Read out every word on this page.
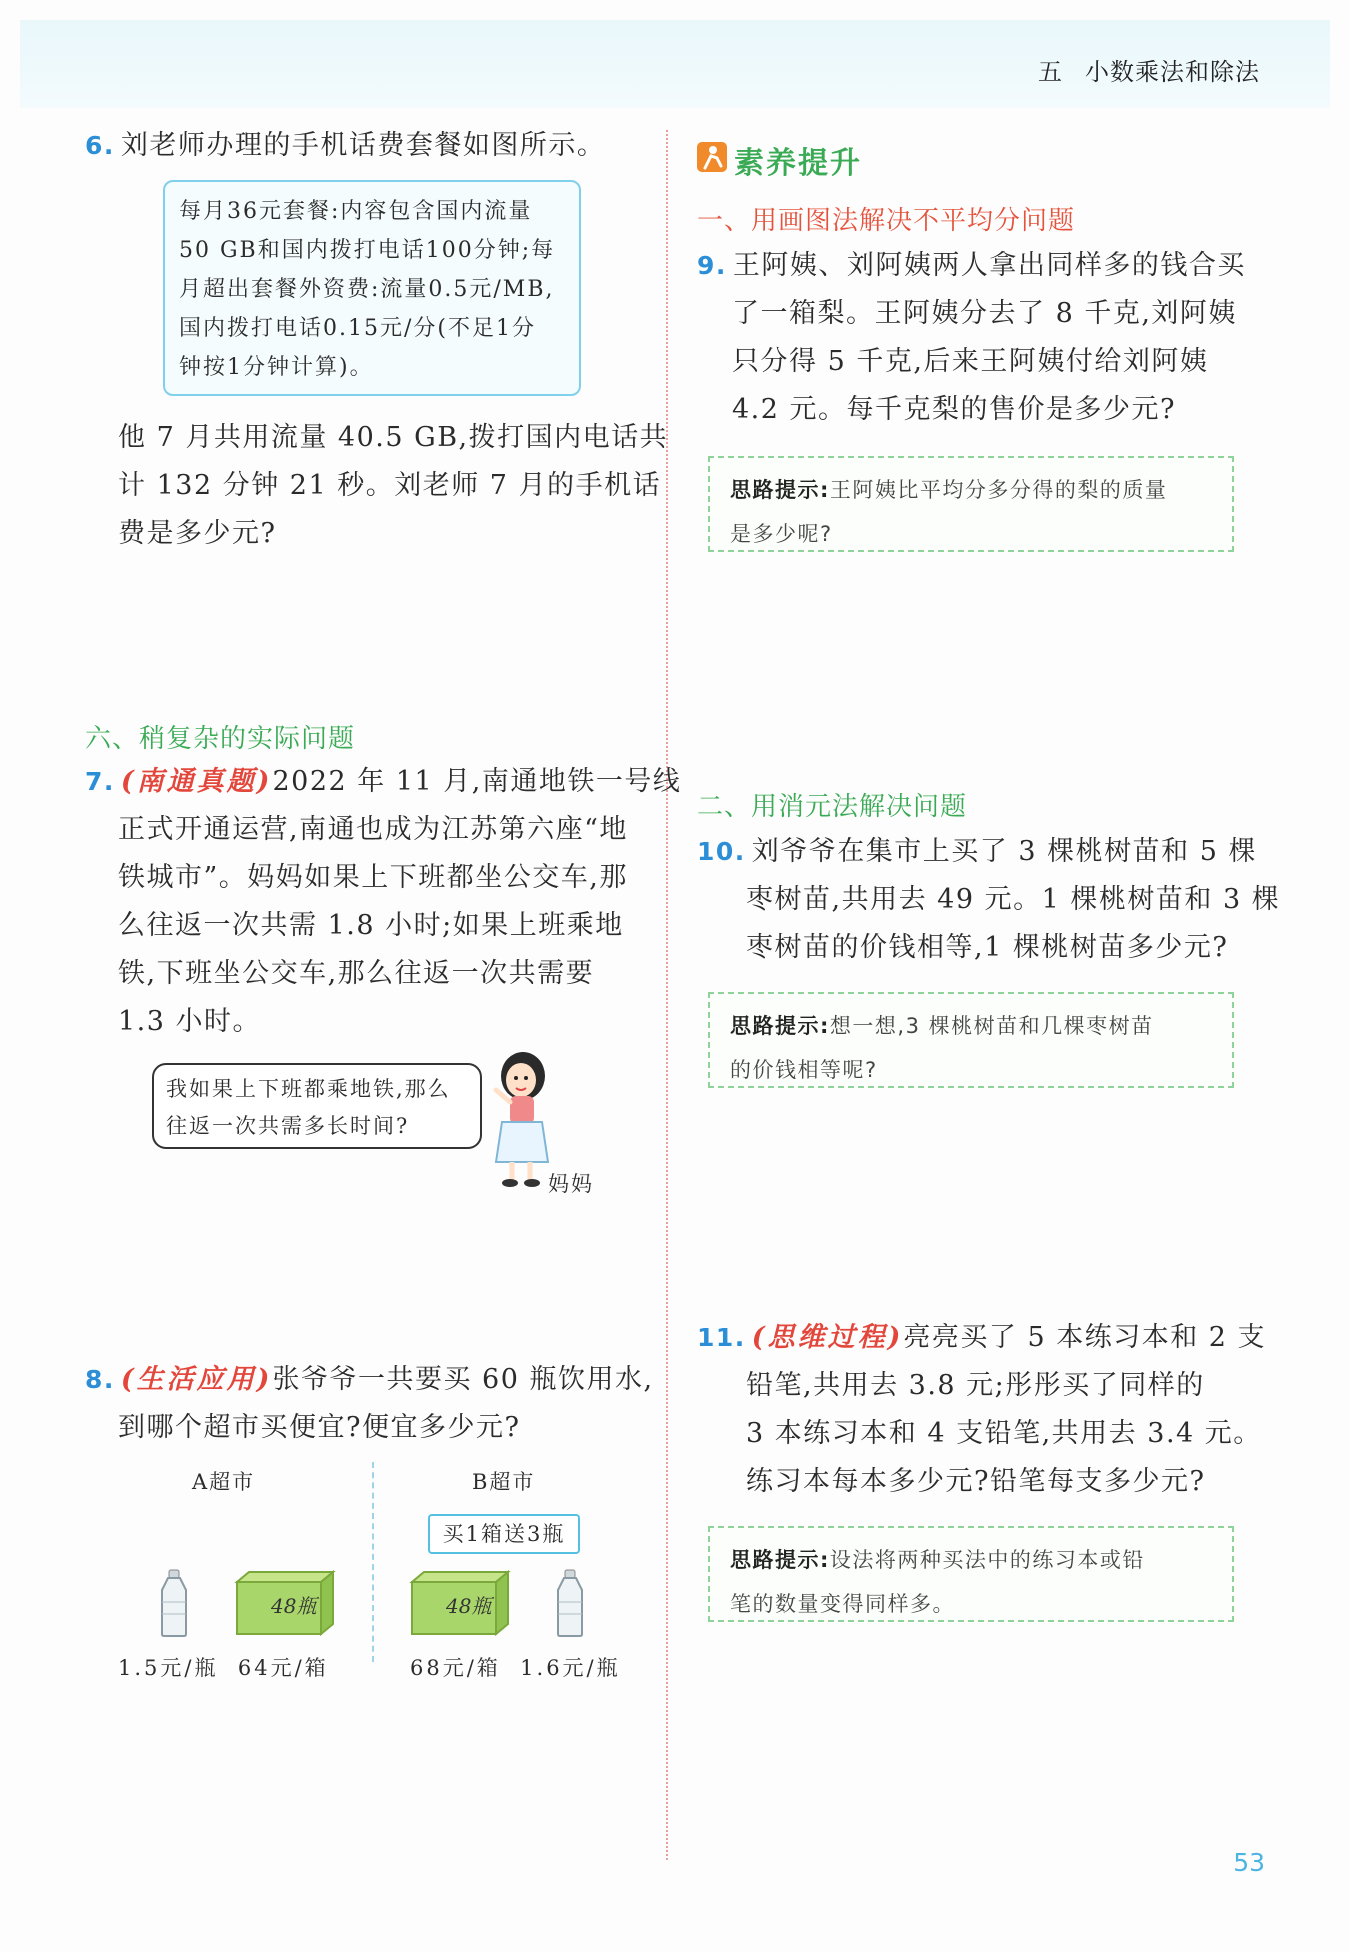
五 小数乘法和除法
6. 刘老师办理的手机话费套餐如图所示。
每月36元套餐:内容包含国内流量
50 GB和国内拨打电话100分钟;每
月超出套餐外资费:流量0.5元/MB,
国内拨打电话0.15元/分(不足1分
钟按1分钟计算)。
他 7 月共用流量 40.5 GB,拨打国内电话共
计 132 分钟 21 秒。刘老师 7 月的手机话
费是多少元?
六、稍复杂的实际问题
7. (南通真题)2022 年 11 月,南通地铁一号线
正式开通运营,南通也成为江苏第六座“地
铁城市”。妈妈如果上下班都坐公交车,那
么往返一次共需 1.8 小时;如果上班乘地
铁,下班坐公交车,那么往返一次共需要
1.3 小时。
我如果上下班都乘地铁,那么
往返一次共需多长时间?
妈妈
8. (生活应用)张爷爷一共要买 60 瓶饮用水,
到哪个超市买便宜?便宜多少元?
A超市	B超市
买1箱送3瓶
48瓶	48瓶
1.5元/瓶 64元/箱	68元/箱 1.6元/瓶
素养提升
一、用画图法解决不平均分问题
9. 王阿姨、刘阿姨两人拿出同样多的钱合买
了一箱梨。王阿姨分去了 8 千克,刘阿姨
只分得 5 千克,后来王阿姨付给刘阿姨
4.2 元。每千克梨的售价是多少元?
思路提示:王阿姨比平均分多分得的梨的质量
是多少呢?
二、用消元法解决问题
10. 刘爷爷在集市上买了 3 棵桃树苗和 5 棵
枣树苗,共用去 49 元。1 棵桃树苗和 3 棵
枣树苗的价钱相等,1 棵桃树苗多少元?
思路提示:想一想,3 棵桃树苗和几棵枣树苗
的价钱相等呢?
11. (思维过程)亮亮买了 5 本练习本和 2 支
铅笔,共用去 3.8 元;彤彤买了同样的
3 本练习本和 4 支铅笔,共用去 3.4 元。
练习本每本多少元?铅笔每支多少元?
思路提示:设法将两种买法中的练习本或铅
笔的数量变得同样多。
53
